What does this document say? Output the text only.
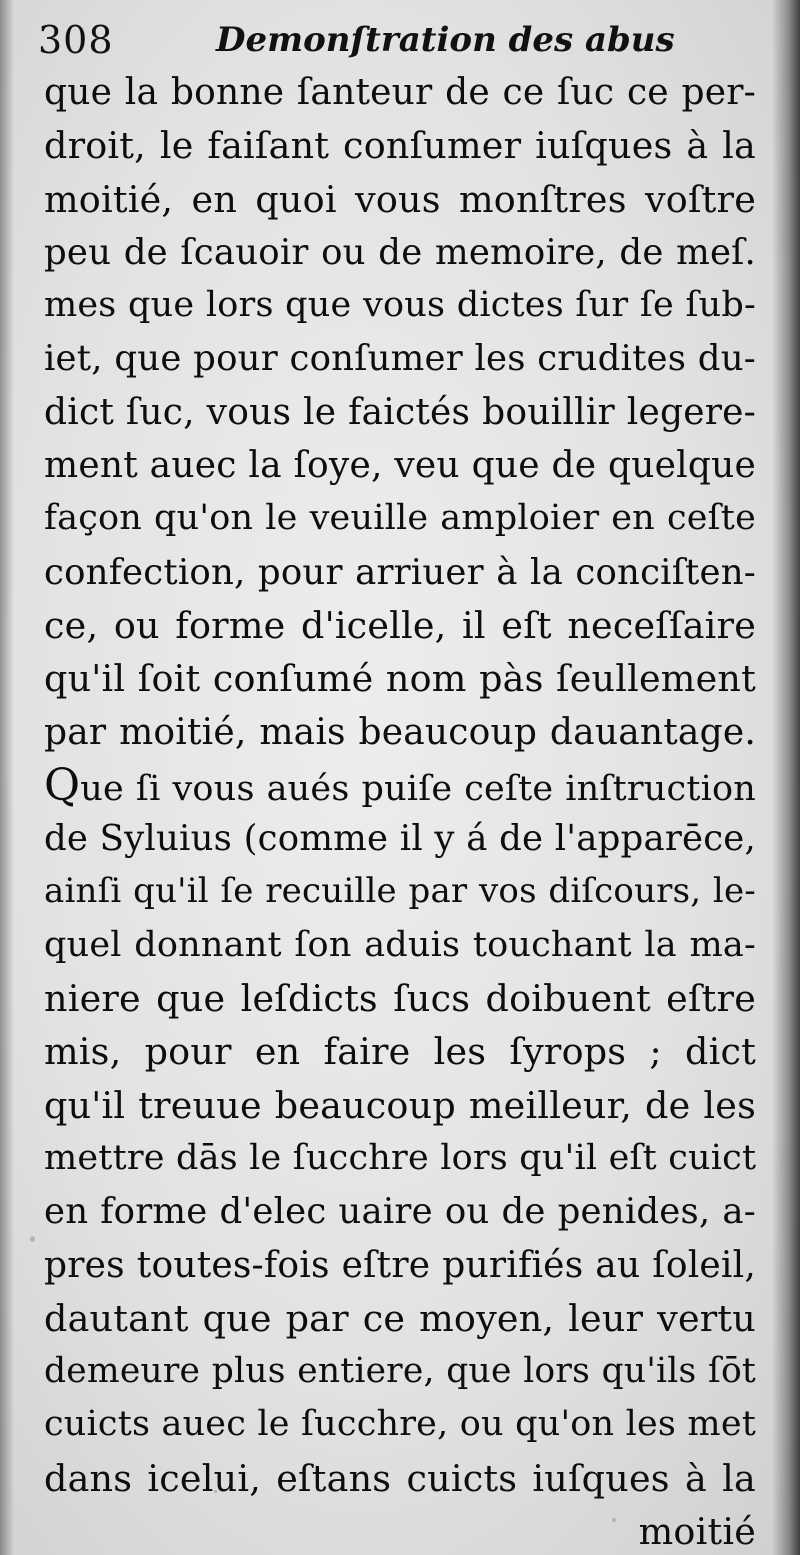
308	Demonſtration des abus
que la bonne ſanteur de ce ſuc ce per-
droit, le faiſant conſumer iuſques à la
moitié, en quoi vous monſtres voſtre
peu de ſcauoir ou de memoire, de meſ.
mes que lors que vous dictes ſur ſe ſub-
iet, que pour conſumer les crudites du-
dict ſuc, vous le faictés bouillir legere-
ment auec la ſoye, veu que de quelque
façon qu'on le veuille amploier en ceſte
confection, pour arriuer à la conciſten-
ce, ou forme d'icelle, il eſt neceſſaire
qu'il ſoit conſumé nom pàs ſeullement
par moitié, mais beaucoup dauantage.
Que ſi vous aués puiſe ceſte inſtruction
de Syluius (comme il y á de l'apparēce,
ainſi qu'il ſe recuille par vos diſcours, le-
quel donnant ſon aduis touchant la ma-
niere que leſdicts ſucs doibuent eſtre
mis, pour en faire les ſyrops ; dict
qu'il treuue beaucoup meilleur, de les
mettre dās le ſucchre lors qu'il eſt cuict
en forme d'elec uaire ou de penides, a-
pres toutes-fois eſtre purifiés au ſoleil,
dautant que par ce moyen, leur vertu
demeure plus entiere, que lors qu'ils ſōt
cuicts auec le ſucchre, ou qu'on les met
dans icelui, eſtans cuicts iuſques à la
moitié
